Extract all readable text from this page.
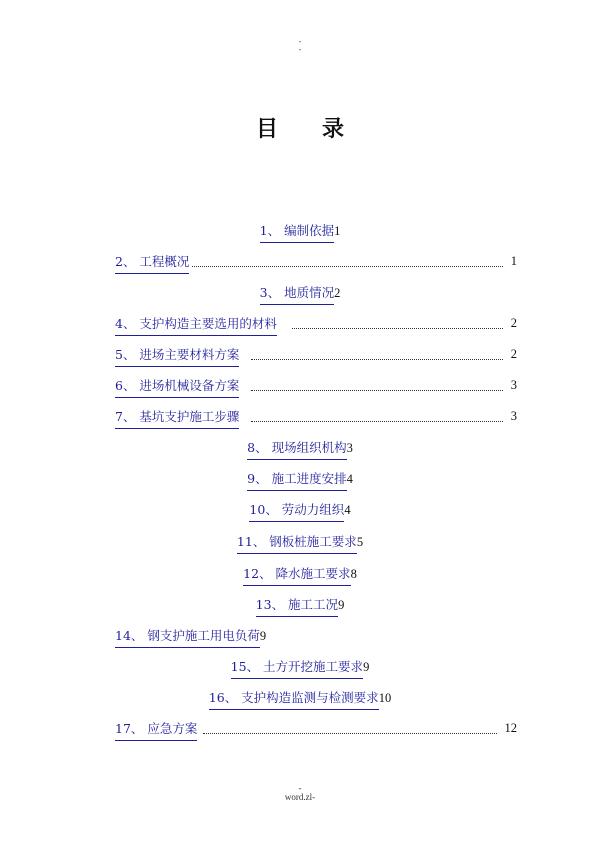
-
-
目录
1、 编制依据1
2、 工程概况	1
3、 地质情况2
4、 支护构造主要选用的材料	2
5、 进场主要材料方案	2
6、 进场机械设备方案	3
7、 基坑支护施工步骤	3
8、 现场组织机构3
9、 施工进度安排4
10、 劳动力组织4
11、 钢板桩施工要求5
12、 降水施工要求8
13、 施工工况9
14、 钢支护施工用电负荷9
15、 土方开挖施工要求9
16、 支护构造监测与检测要求10
17、 应急方案	12
-
word.zl-
